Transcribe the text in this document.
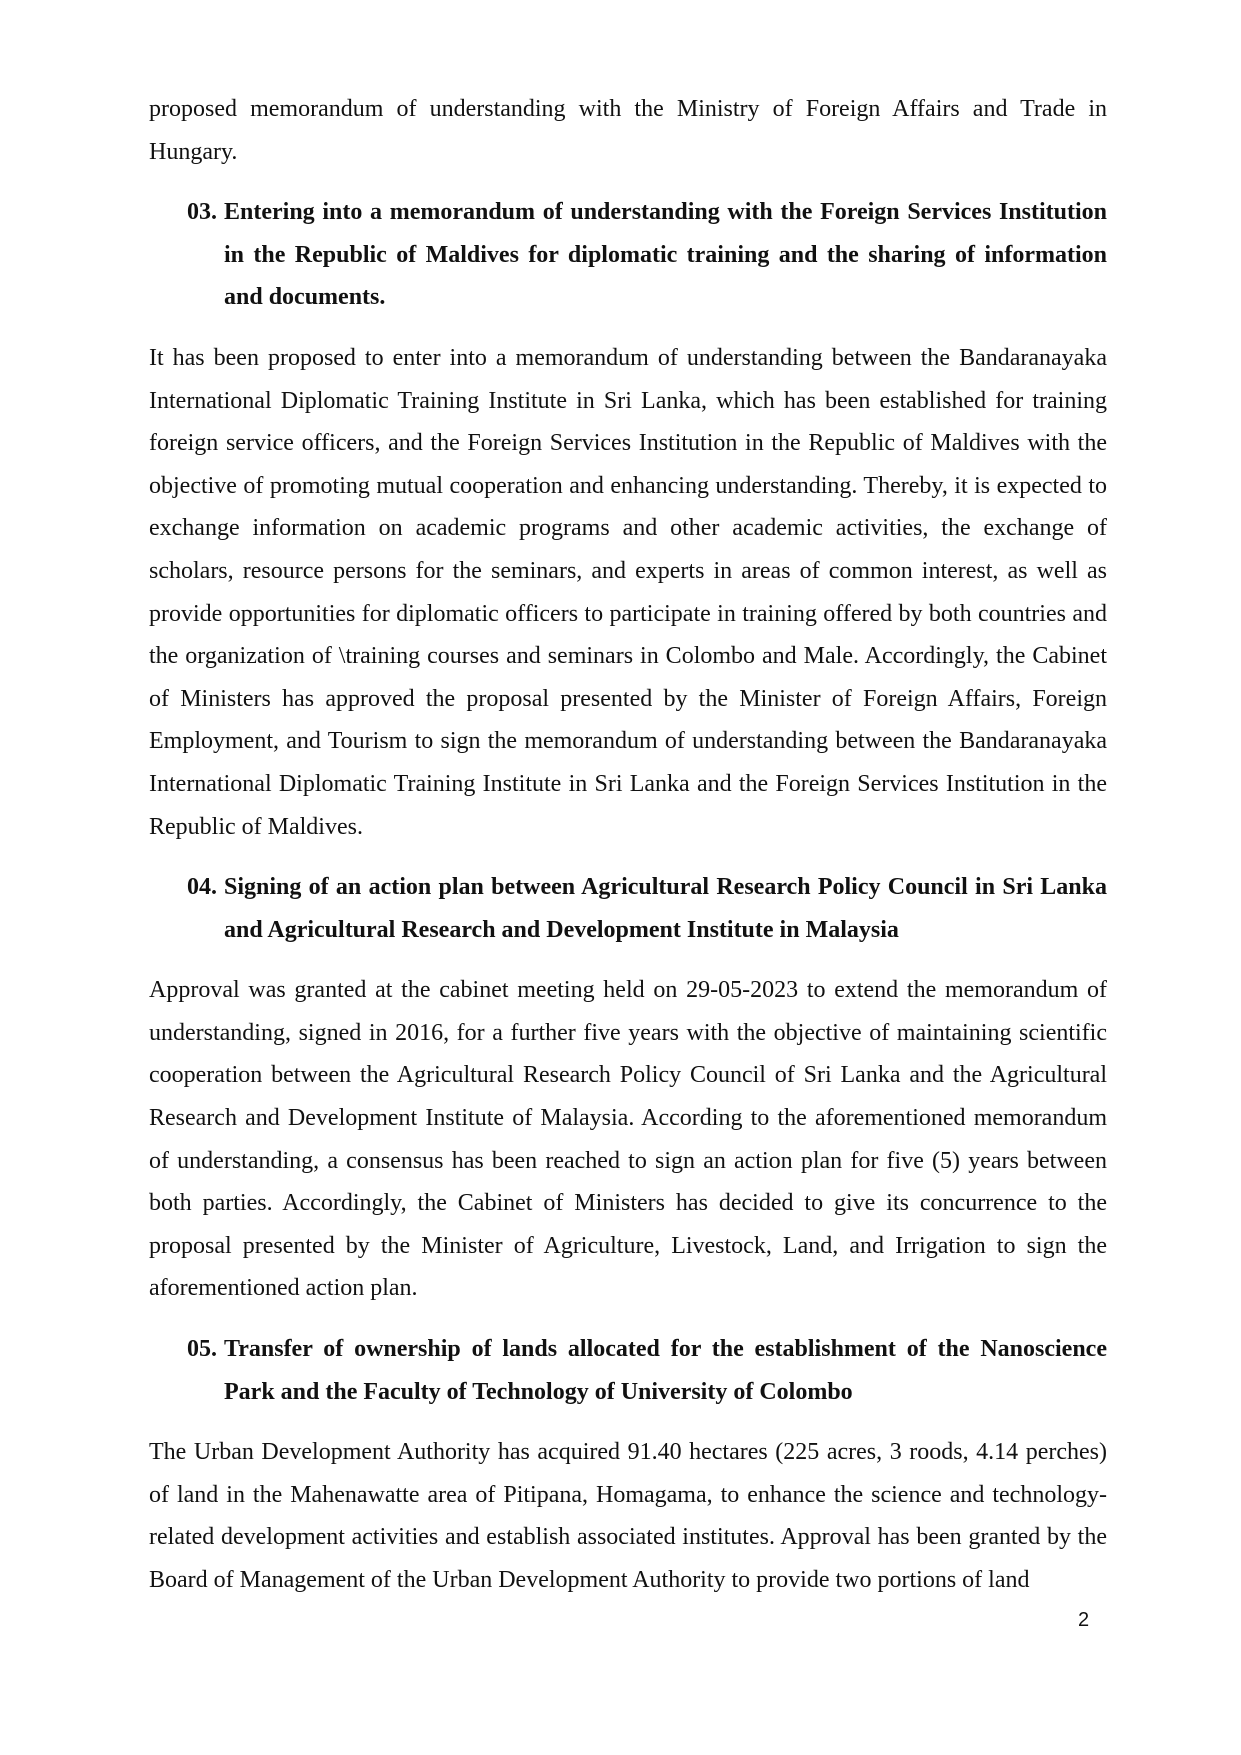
proposed memorandum of understanding with the Ministry of Foreign Affairs and Trade in Hungary.

03. Entering into a memorandum of understanding with the Foreign Services Institution in the Republic of Maldives for diplomatic training and the sharing of information and documents.

It has been proposed to enter into a memorandum of understanding between the Bandaranayaka International Diplomatic Training Institute in Sri Lanka, which has been established for training foreign service officers, and the Foreign Services Institution in the Republic of Maldives with the objective of promoting mutual cooperation and enhancing understanding. Thereby, it is expected to exchange information on academic programs and other academic activities, the exchange of scholars, resource persons for the seminars, and experts in areas of common interest, as well as provide opportunities for diplomatic officers to participate in training offered by both countries and the organization of \training courses and seminars in Colombo and Male. Accordingly, the Cabinet of Ministers has approved the proposal presented by the Minister of Foreign Affairs, Foreign Employment, and Tourism to sign the memorandum of understanding between the Bandaranayaka International Diplomatic Training Institute in Sri Lanka and the Foreign Services Institution in the Republic of Maldives.

04. Signing of an action plan between Agricultural Research Policy Council in Sri Lanka and Agricultural Research and Development Institute in Malaysia

Approval was granted at the cabinet meeting held on 29-05-2023 to extend the memorandum of understanding, signed in 2016, for a further five years with the objective of maintaining scientific cooperation between the Agricultural Research Policy Council of Sri Lanka and the Agricultural Research and Development Institute of Malaysia. According to the aforementioned memorandum of understanding, a consensus has been reached to sign an action plan for five (5) years between both parties. Accordingly, the Cabinet of Ministers has decided to give its concurrence to the proposal presented by the Minister of Agriculture, Livestock, Land, and Irrigation to sign the aforementioned action plan.

05. Transfer of ownership of lands allocated for the establishment of the Nanoscience Park and the Faculty of Technology of University of Colombo

The Urban Development Authority has acquired 91.40 hectares (225 acres, 3 roods, 4.14 perches) of land in the Mahenawatte area of Pitipana, Homagama, to enhance the science and technology-related development activities and establish associated institutes. Approval has been granted by the Board of Management of the Urban Development Authority to provide two portions of land

2
